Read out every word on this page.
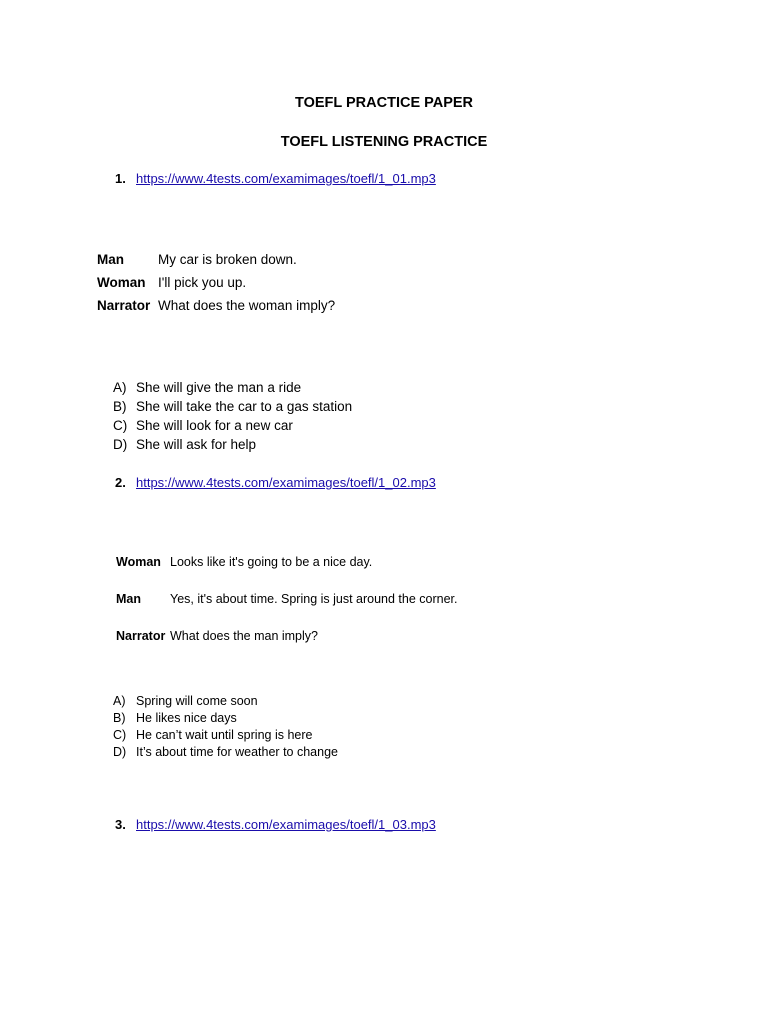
TOEFL PRACTICE PAPER
TOEFL LISTENING PRACTICE
1. https://www.4tests.com/examimages/toefl/1_01.mp3
Man	My car is broken down.
Woman I'll pick you up.
Narrator What does the woman imply?
A) She will give the man a ride
B) She will take the car to a gas station
C) She will look for a new car
D) She will ask for help
2. https://www.4tests.com/examimages/toefl/1_02.mp3
Woman Looks like it's going to be a nice day.
Man Yes, it's about time. Spring is just around the corner.
Narrator What does the man imply?
A) Spring will come soon
B) He likes nice days
C) He can’t wait until spring is here
D) It’s about time for weather to change
3. https://www.4tests.com/examimages/toefl/1_03.mp3
